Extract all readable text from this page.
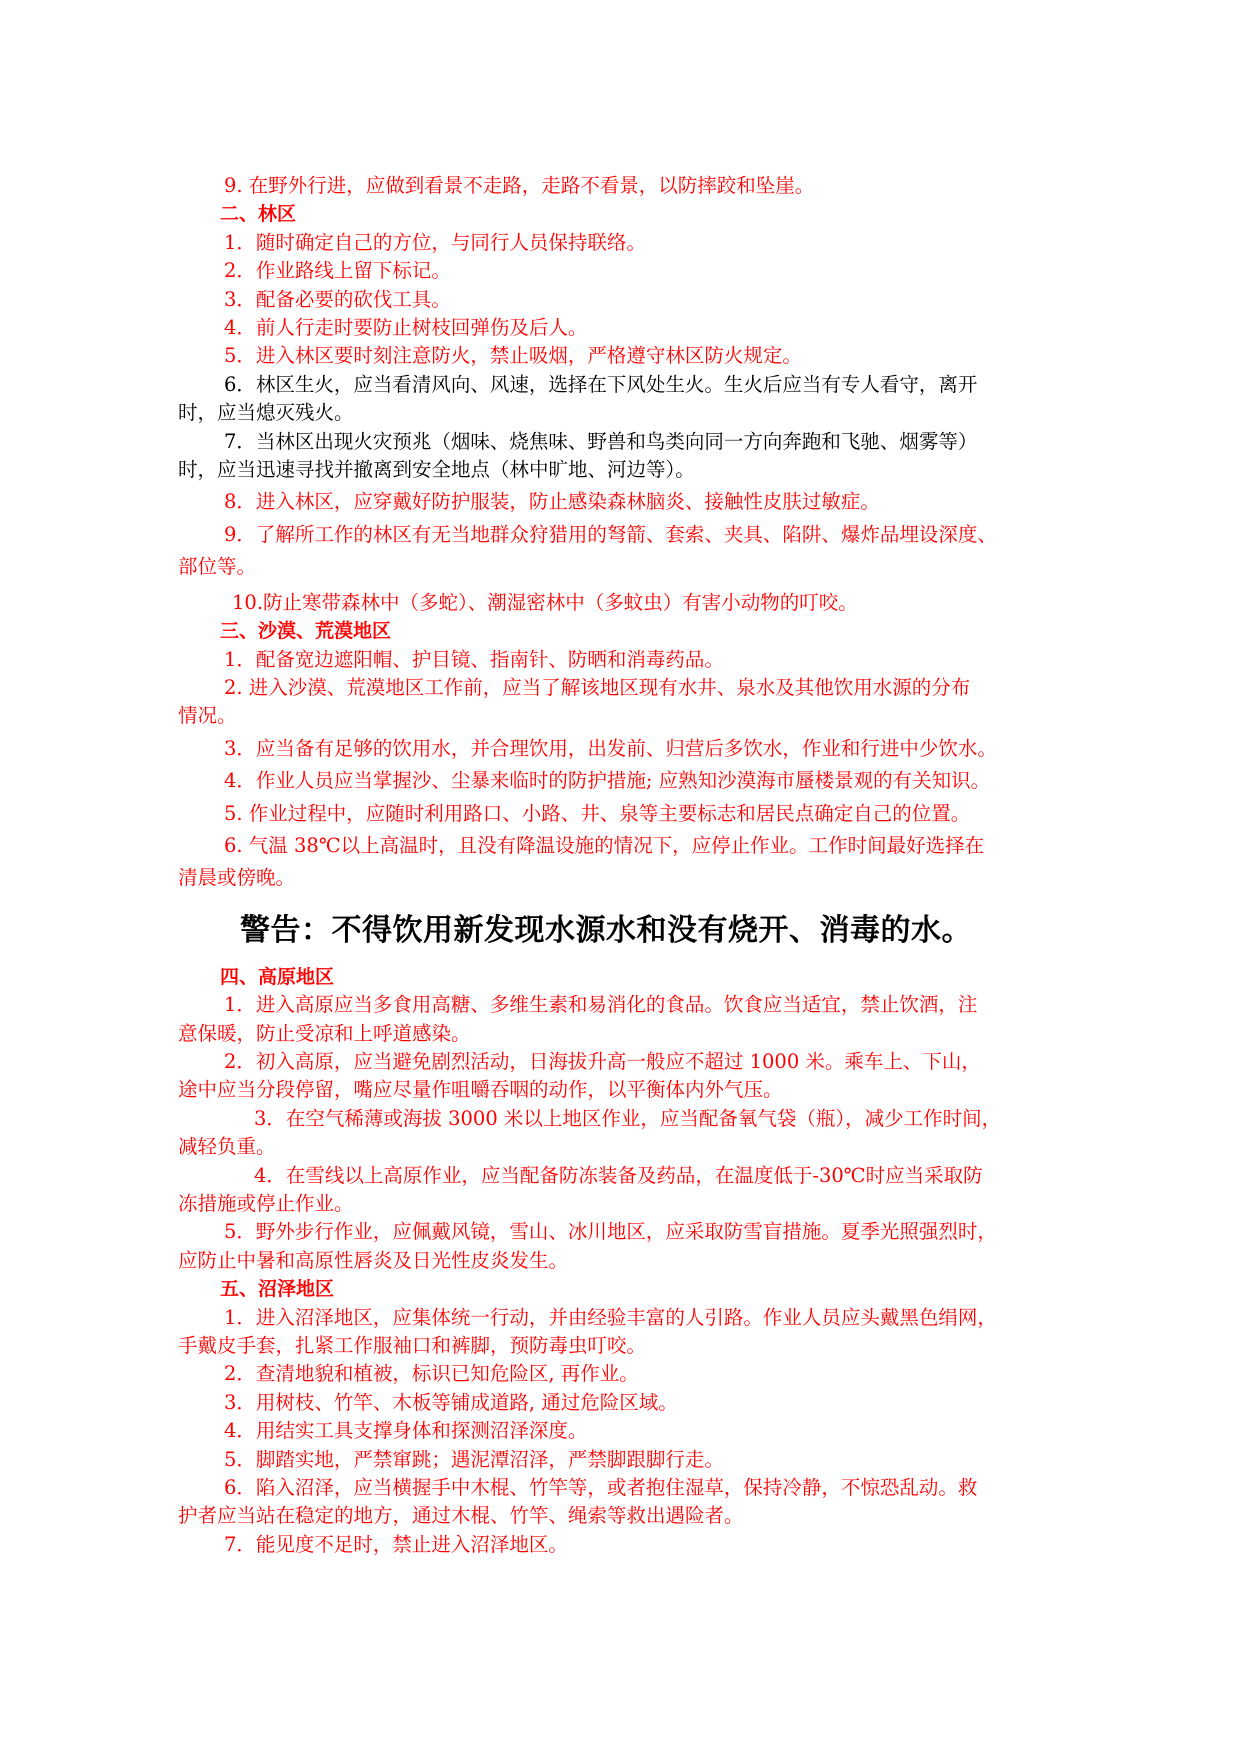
9. 在野外行进，应做到看景不走路，走路不看景，以防摔跤和坠崖。
二、林区
1．随时确定自己的方位，与同行人员保持联络。
2．作业路线上留下标记。
3．配备必要的砍伐工具。
4．前人行走时要防止树枝回弹伤及后人。
5．进入林区要时刻注意防火，禁止吸烟，严格遵守林区防火规定。
6．林区生火，应当看清风向、风速，选择在下风处生火。生火后应当有专人看守，离开
时，应当熄灭残火。
7．当林区出现火灾预兆（烟味、烧焦味、野兽和鸟类向同一方向奔跑和飞驰、烟雾等）
时，应当迅速寻找并撤离到安全地点（林中旷地、河边等）。
8．进入林区，应穿戴好防护服装，防止感染森林脑炎、接触性皮肤过敏症。
9．了解所工作的林区有无当地群众狩猎用的弩箭、套索、夹具、陷阱、爆炸品埋设深度、
部位等。
10.防止寒带森林中（多蛇）、潮湿密林中（多蚊虫）有害小动物的叮咬。
三、沙漠、荒漠地区
1．配备宽边遮阳帽、护目镜、指南针、防晒和消毒药品。
2. 进入沙漠、荒漠地区工作前，应当了解该地区现有水井、泉水及其他饮用水源的分布
情况。
3．应当备有足够的饮用水，并合理饮用，出发前、归营后多饮水，作业和行进中少饮水。
4．作业人员应当掌握沙、尘暴来临时的防护措施; 应熟知沙漠海市蜃楼景观的有关知识。
5. 作业过程中，应随时利用路口、小路、井、泉等主要标志和居民点确定自己的位置。
6. 气温 38℃以上高温时，且没有降温设施的情况下，应停止作业。工作时间最好选择在
清晨或傍晚。
警告：不得饮用新发现水源水和没有烧开、消毒的水。
四、高原地区
1．进入高原应当多食用高糖、多维生素和易消化的食品。饮食应当适宜，禁止饮酒，注
意保暖，防止受凉和上呼道感染。
2．初入高原，应当避免剧烈活动，日海拔升高一般应不超过 1000 米。乘车上、下山，
途中应当分段停留，嘴应尽量作咀嚼吞咽的动作，以平衡体内外气压。
3．在空气稀薄或海拔 3000 米以上地区作业，应当配备氧气袋（瓶），减少工作时间，
减轻负重。
4．在雪线以上高原作业，应当配备防冻装备及药品，在温度低于-30℃时应当采取防
冻措施或停止作业。
5．野外步行作业，应佩戴风镜，雪山、冰川地区，应采取防雪盲措施。夏季光照强烈时，
应防止中暑和高原性唇炎及日光性皮炎发生。
五、沼泽地区
1．进入沼泽地区，应集体统一行动，并由经验丰富的人引路。作业人员应头戴黑色绢网，
手戴皮手套，扎紧工作服袖口和裤脚，预防毒虫叮咬。
2．查清地貌和植被，标识已知危险区, 再作业。
3．用树枝、竹竿、木板等铺成道路, 通过危险区域。
4．用结实工具支撑身体和探测沼泽深度。
5．脚踏实地，严禁窜跳；遇泥潭沼泽，严禁脚跟脚行走。
6．陷入沼泽，应当横握手中木棍、竹竿等，或者抱住湿草，保持冷静，不惊恐乱动。救
护者应当站在稳定的地方，通过木棍、竹竿、绳索等救出遇险者。
7．能见度不足时，禁止进入沼泽地区。
